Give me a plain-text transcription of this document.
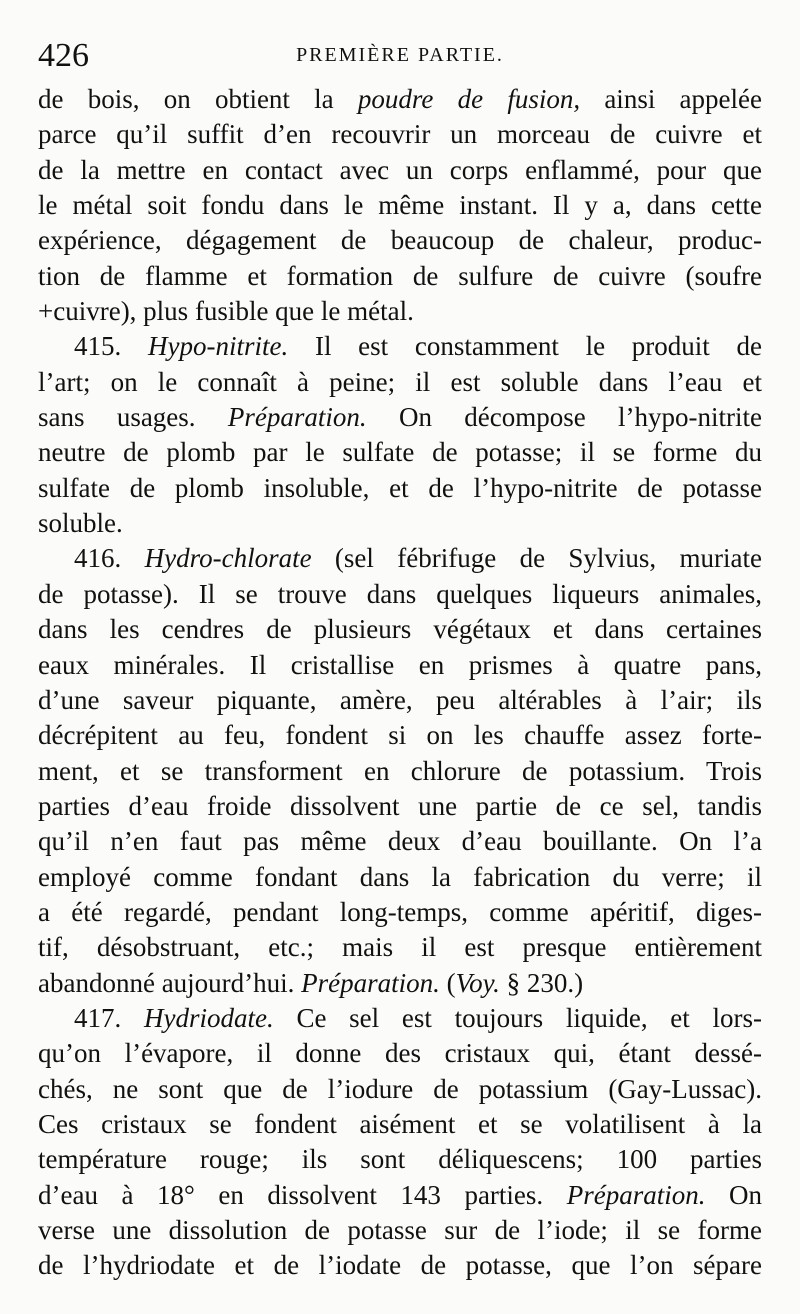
426	PREMIÈRE PARTIE.
de bois, on obtient la poudre de fusion, ainsi appelée
parce qu’il suffit d’en recouvrir un morceau de cuivre et
de la mettre en contact avec un corps enflammé, pour que
le métal soit fondu dans le même instant. Il y a, dans cette
expérience, dégagement de beaucoup de chaleur, produc-
tion de flamme et formation de sulfure de cuivre (soufre
+cuivre), plus fusible que le métal.
415. Hypo-nitrite. Il est constamment le produit de
l’art; on le connaît à peine; il est soluble dans l’eau et
sans usages. Préparation. On décompose l’hypo-nitrite
neutre de plomb par le sulfate de potasse; il se forme du
sulfate de plomb insoluble, et de l’hypo-nitrite de potasse
soluble.
416. Hydro-chlorate (sel fébrifuge de Sylvius, muriate
de potasse). Il se trouve dans quelques liqueurs animales,
dans les cendres de plusieurs végétaux et dans certaines
eaux minérales. Il cristallise en prismes à quatre pans,
d’une saveur piquante, amère, peu altérables à l’air; ils
décrépitent au feu, fondent si on les chauffe assez forte-
ment, et se transforment en chlorure de potassium. Trois
parties d’eau froide dissolvent une partie de ce sel, tandis
qu’il n’en faut pas même deux d’eau bouillante. On l’a
employé comme fondant dans la fabrication du verre; il
a été regardé, pendant long-temps, comme apéritif, diges-
tif, désobstruant, etc.; mais il est presque entièrement
abandonné aujourd’hui. Préparation. (Voy. § 230.)
417. Hydriodate. Ce sel est toujours liquide, et lors-
qu’on l’évapore, il donne des cristaux qui, étant dessé-
chés, ne sont que de l’iodure de potassium (Gay-Lussac).
Ces cristaux se fondent aisément et se volatilisent à la
température rouge; ils sont déliquescens; 100 parties
d’eau à 18° en dissolvent 143 parties. Préparation. On
verse une dissolution de potasse sur de l’iode; il se forme
de l’hydriodate et de l’iodate de potasse, que l’on sépare
